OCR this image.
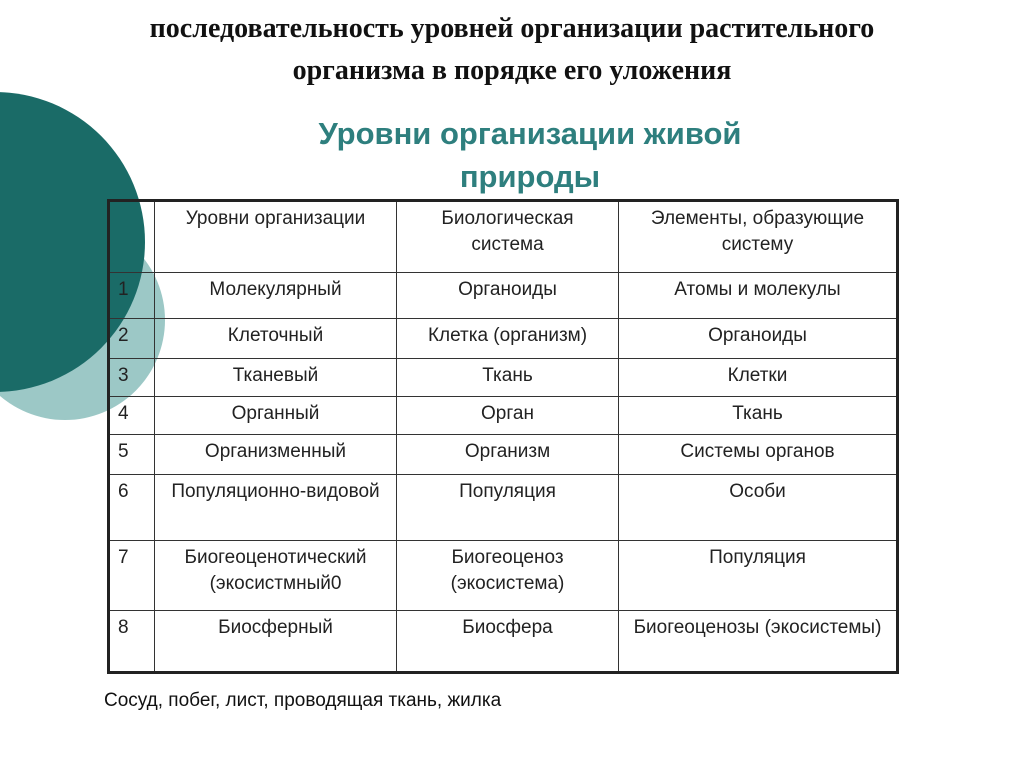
последовательность уровней организации растительного
организма в порядке его уложения
Уровни организации живой
природы
	Уровни организации	Биологическая система	Элементы, образующие систему
1	Молекулярный	Органоиды	Атомы и молекулы
2	Клеточный	Клетка (организм)	Органоиды
3	Тканевый	Ткань	Клетки
4	Органный	Орган	Ткань
5	Организменный	Организм	Системы органов
6	Популяционно-видовой	Популяция	Особи
7	Биогеоценотический (экосистмный0	Биогеоценоз (экосистема)	Популяция
8	Биосферный	Биосфера	Биогеоценозы (экосистемы)
Сосуд, побег, лист, проводящая ткань, жилка
